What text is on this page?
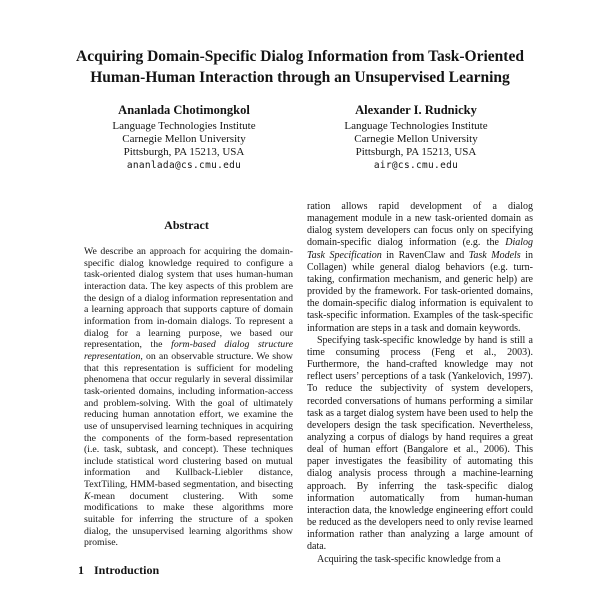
Acquiring Domain-Specific Dialog Information from Task-Oriented
Human-Human Interaction through an Unsupervised Learning
Ananlada Chotimongkol
Language Technologies Institute
Carnegie Mellon University
Pittsburgh, PA 15213, USA
ananlada@cs.cmu.edu
Alexander I. Rudnicky
Language Technologies Institute
Carnegie Mellon University
Pittsburgh, PA 15213, USA
air@cs.cmu.edu
Abstract

We describe an approach for acquiring the domain-specific dialog knowledge required to configure a task-oriented dialog system that uses human-human interaction data. The key aspects of this problem are the design of a dialog information representation and a learning approach that supports capture of domain information from in-domain dialogs. To represent a dialog for a learning purpose, we based our representation, the form-based dialog structure representation, on an observable structure. We show that this representation is sufficient for modeling phenomena that occur regularly in several dissimilar task-oriented domains, including information-access and problem-solving. With the goal of ultimately reducing human annotation effort, we examine the use of unsupervised learning techniques in acquiring the components of the form-based representation (i.e. task, subtask, and concept). These techniques include statistical word clustering based on mutual information and Kullback-Liebler distance, TextTiling, HMM-based segmentation, and bisecting K-mean document clustering. With some modifications to make these algorithms more suitable for inferring the structure of a spoken dialog, the unsupervised learning algorithms show promise.

1 Introduction

ration allows rapid development of a dialog management module in a new task-oriented domain as dialog system developers can focus only on specifying domain-specific dialog information (e.g. the Dialog Task Specification in RavenClaw and Task Models in Collagen) while general dialog behaviors (e.g. turn-taking, confirmation mechanism, and generic help) are provided by the framework. For task-oriented domains, the domain-specific dialog information is equivalent to task-specific information. Examples of the task-specific information are steps in a task and domain keywords.

Specifying task-specific knowledge by hand is still a time consuming process (Feng et al., 2003). Furthermore, the hand-crafted knowledge may not reflect users’ perceptions of a task (Yankelovich, 1997). To reduce the subjectivity of system developers, recorded conversations of humans performing a similar task as a target dialog system have been used to help the developers design the task specification. Nevertheless, analyzing a corpus of dialogs by hand requires a great deal of human effort (Bangalore et al., 2006). This paper investigates the feasibility of automating this dialog analysis process through a machine-learning approach. By inferring the task-specific dialog information automatically from human-human interaction data, the knowledge engineering effort could be reduced as the developers need to only revise learned information rather than analyzing a large amount of data.

Acquiring the task-specific knowledge from a
